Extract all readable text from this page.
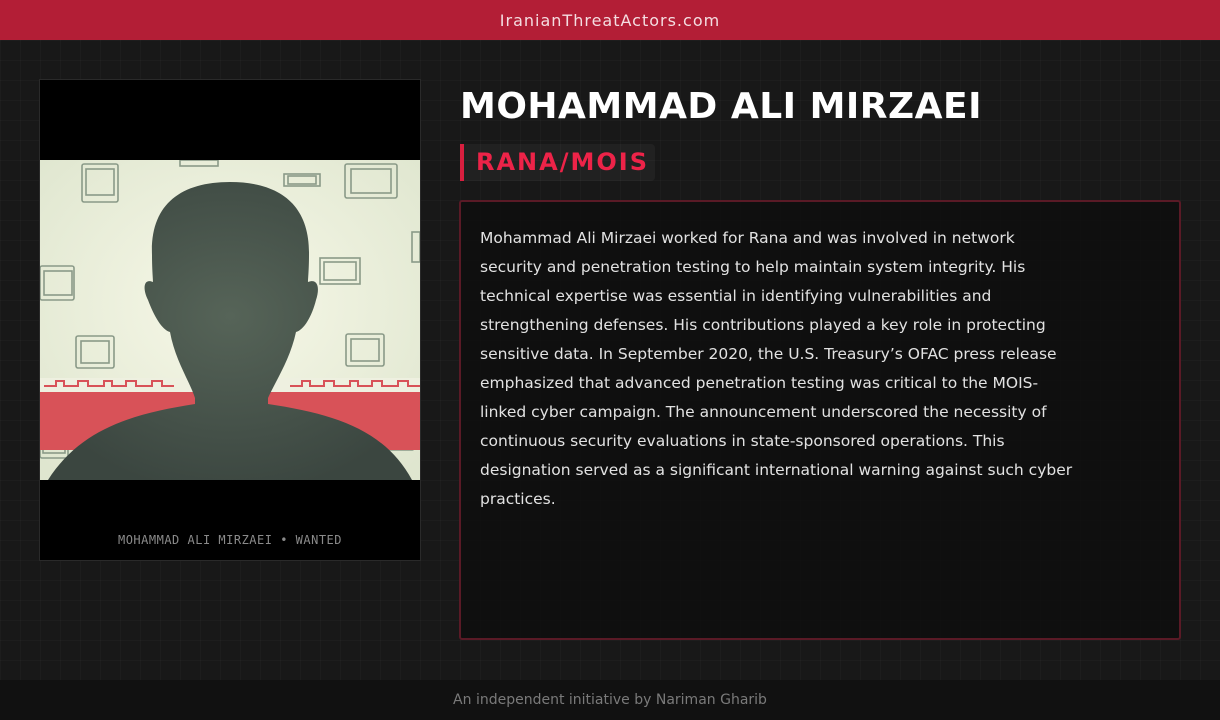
IranianThreatActors.com
MOHAMMAD ALI MIRZAEI • WANTED
MOHAMMAD ALI MIRZAEI
RANA/MOIS

Mohammad Ali Mirzaei worked for Rana and was involved in network security and penetration testing to help maintain system integrity. His technical expertise was essential in identifying vulnerabilities and strengthening defenses. His contributions played a key role in protecting sensitive data. In September 2020, the U.S. Treasury’s OFAC press release emphasized that advanced penetration testing was critical to the MOIS-linked cyber campaign. The announcement underscored the necessity of continuous security evaluations in state-sponsored operations. This designation served as a significant international warning against such cyber practices.

An independent initiative by Nariman Gharib
